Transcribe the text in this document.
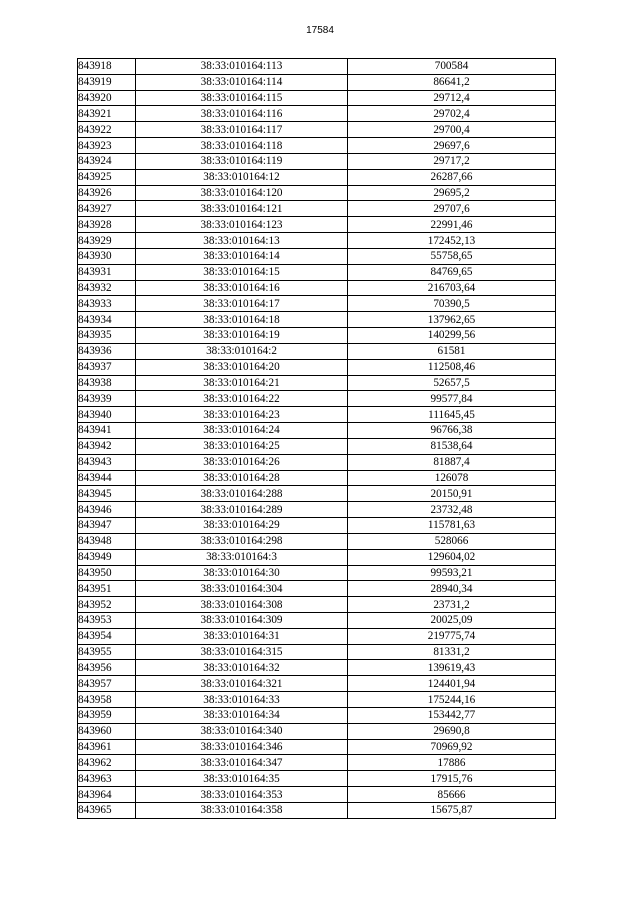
17584
843918	38:33:010164:113	700584
843919	38:33:010164:114	86641,2
843920	38:33:010164:115	29712,4
843921	38:33:010164:116	29702,4
843922	38:33:010164:117	29700,4
843923	38:33:010164:118	29697,6
843924	38:33:010164:119	29717,2
843925	38:33:010164:12	26287,66
843926	38:33:010164:120	29695,2
843927	38:33:010164:121	29707,6
843928	38:33:010164:123	22991,46
843929	38:33:010164:13	172452,13
843930	38:33:010164:14	55758,65
843931	38:33:010164:15	84769,65
843932	38:33:010164:16	216703,64
843933	38:33:010164:17	70390,5
843934	38:33:010164:18	137962,65
843935	38:33:010164:19	140299,56
843936	38:33:010164:2	61581
843937	38:33:010164:20	112508,46
843938	38:33:010164:21	52657,5
843939	38:33:010164:22	99577,84
843940	38:33:010164:23	111645,45
843941	38:33:010164:24	96766,38
843942	38:33:010164:25	81538,64
843943	38:33:010164:26	81887,4
843944	38:33:010164:28	126078
843945	38:33:010164:288	20150,91
843946	38:33:010164:289	23732,48
843947	38:33:010164:29	115781,63
843948	38:33:010164:298	528066
843949	38:33:010164:3	129604,02
843950	38:33:010164:30	99593,21
843951	38:33:010164:304	28940,34
843952	38:33:010164:308	23731,2
843953	38:33:010164:309	20025,09
843954	38:33:010164:31	219775,74
843955	38:33:010164:315	81331,2
843956	38:33:010164:32	139619,43
843957	38:33:010164:321	124401,94
843958	38:33:010164:33	175244,16
843959	38:33:010164:34	153442,77
843960	38:33:010164:340	29690,8
843961	38:33:010164:346	70969,92
843962	38:33:010164:347	17886
843963	38:33:010164:35	17915,76
843964	38:33:010164:353	85666
843965	38:33:010164:358	15675,87
